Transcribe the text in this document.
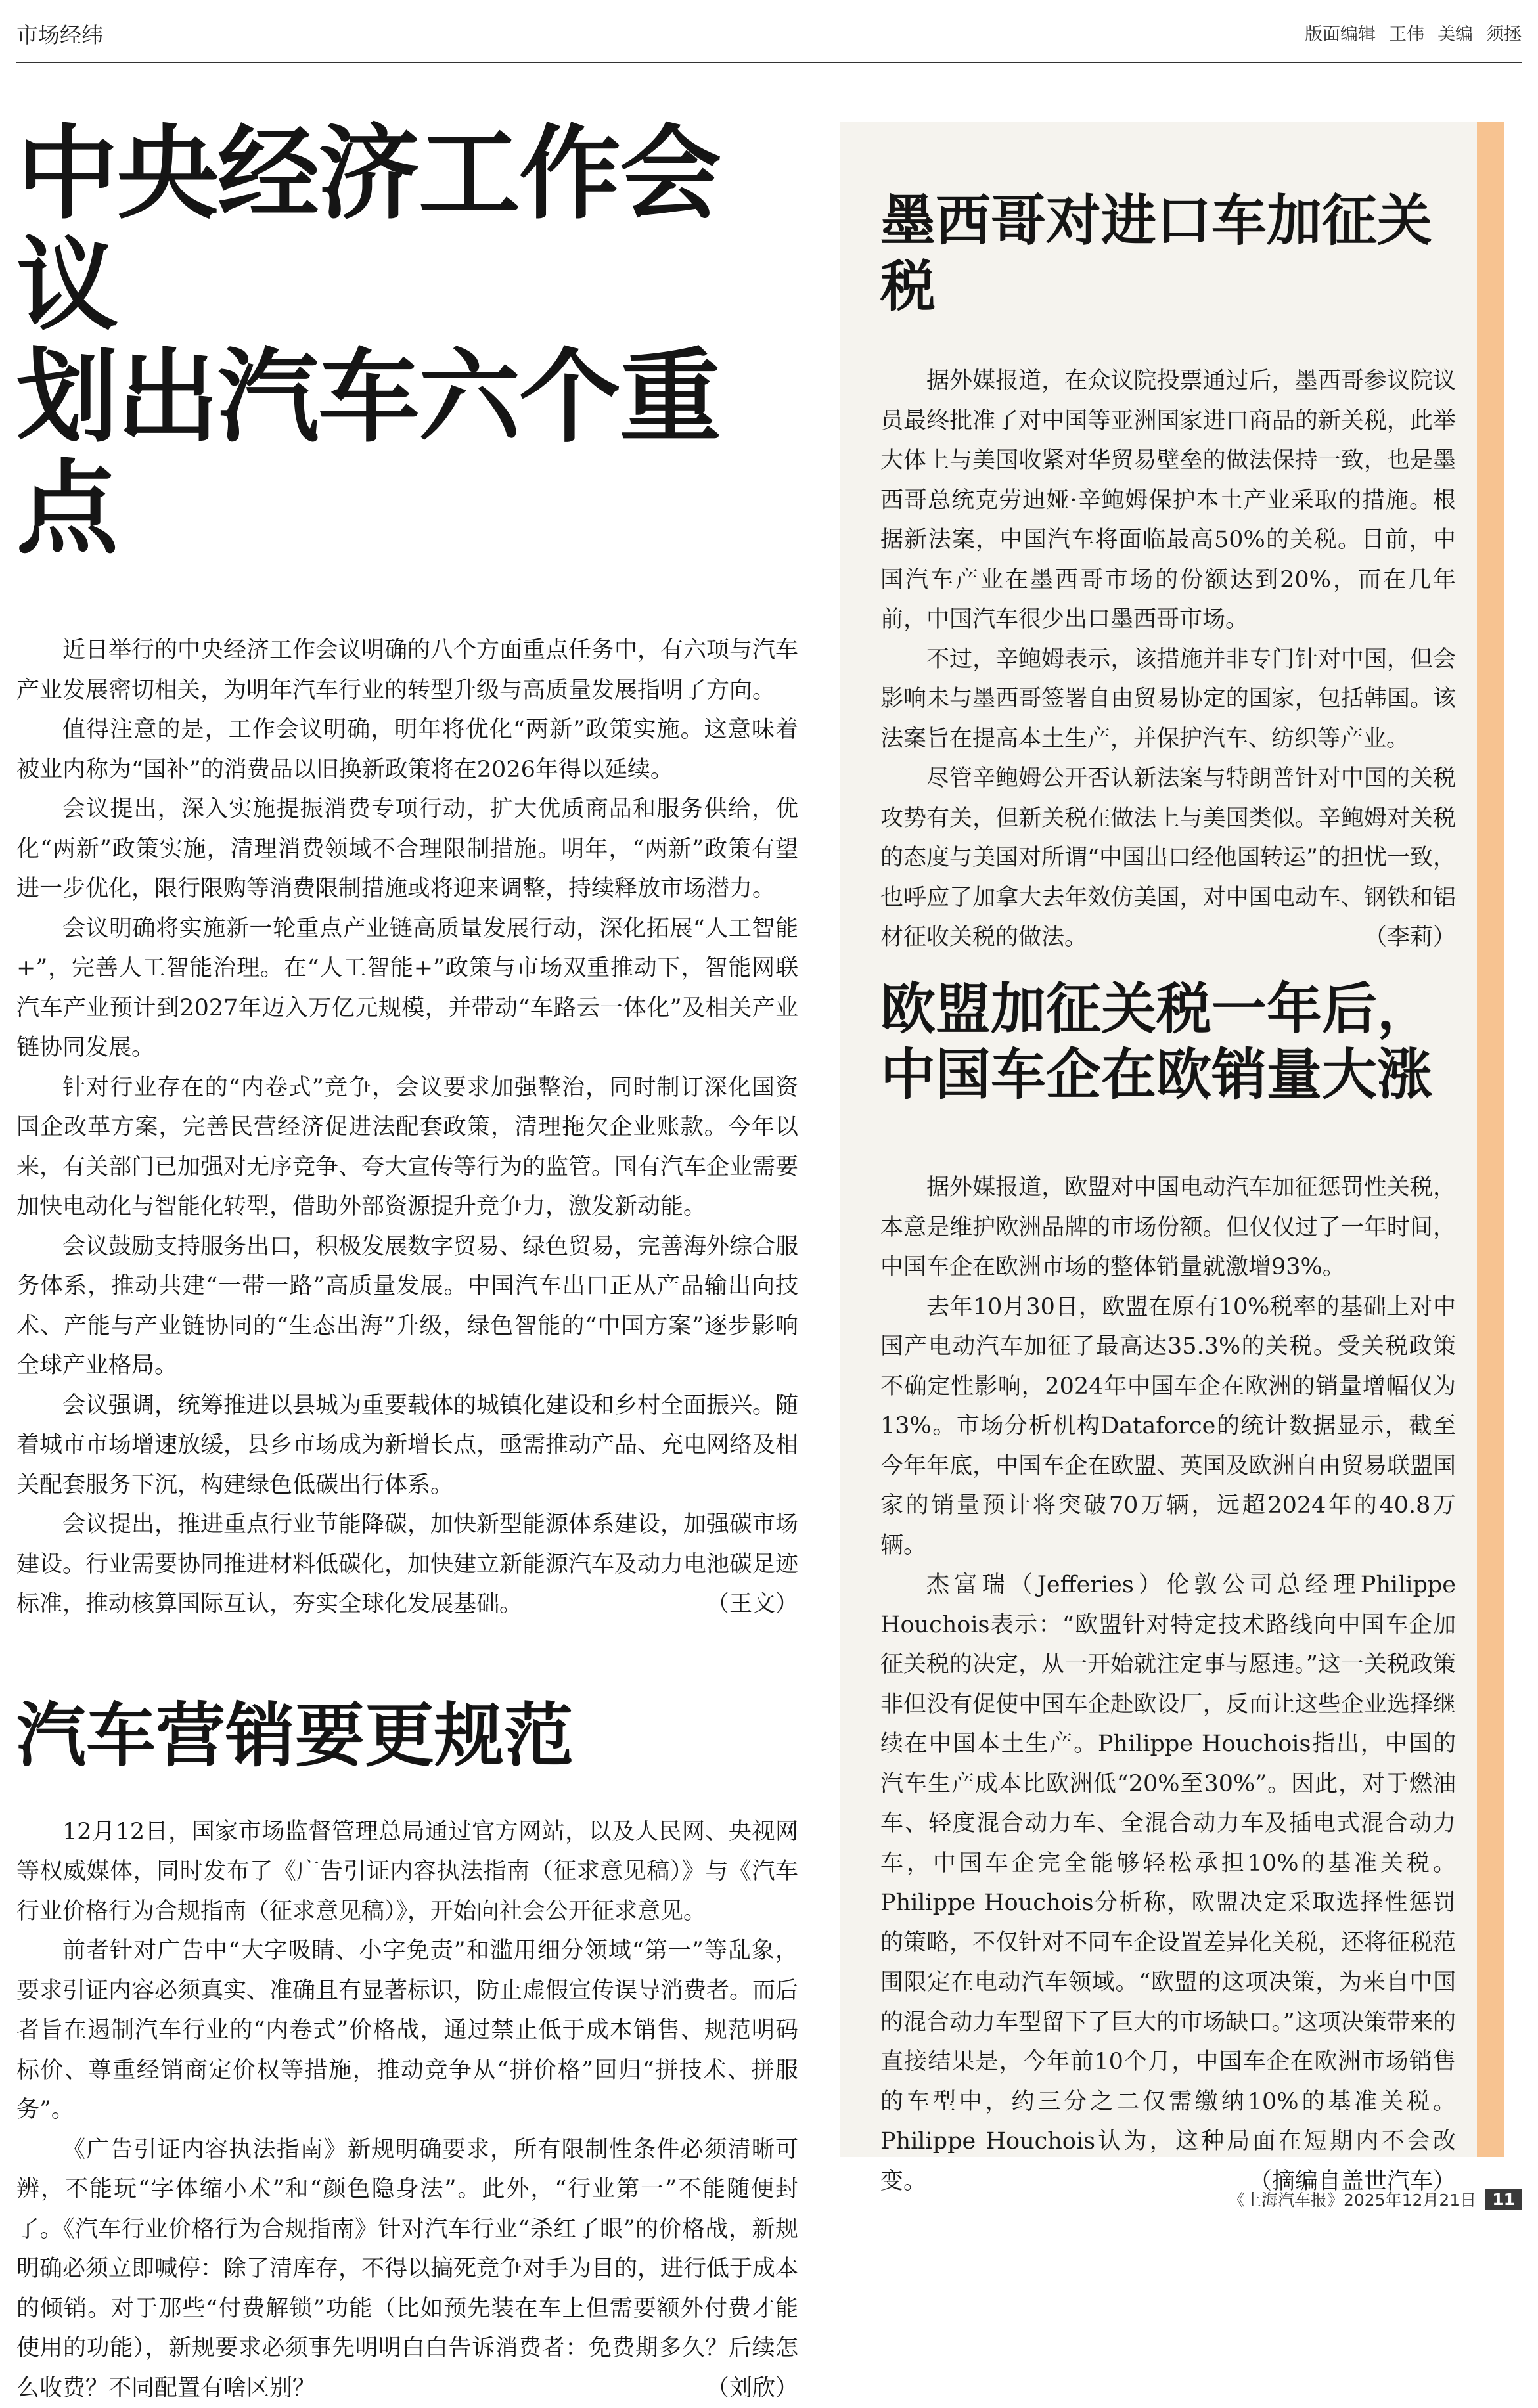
市场经纬	版面编辑 王伟 美编 须拯
中央经济工作会议
划出汽车六个重点

近日举行的中央经济工作会议明确的八个方面重点任务中，有六项与汽车产业发展密切相关，为明年汽车行业的转型升级与高质量发展指明了方向。

值得注意的是，工作会议明确，明年将优化“两新”政策实施。这意味着被业内称为“国补”的消费品以旧换新政策将在2026年得以延续。

会议提出，深入实施提振消费专项行动，扩大优质商品和服务供给，优化“两新”政策实施，清理消费领域不合理限制措施。明年，“两新”政策有望进一步优化，限行限购等消费限制措施或将迎来调整，持续释放市场潜力。

会议明确将实施新一轮重点产业链高质量发展行动，深化拓展“人工智能+”，完善人工智能治理。在“人工智能+”政策与市场双重推动下，智能网联汽车产业预计到2027年迈入万亿元规模，并带动“车路云一体化”及相关产业链协同发展。

针对行业存在的“内卷式”竞争，会议要求加强整治，同时制订深化国资国企改革方案，完善民营经济促进法配套政策，清理拖欠企业账款。今年以来，有关部门已加强对无序竞争、夸大宣传等行为的监管。国有汽车企业需要加快电动化与智能化转型，借助外部资源提升竞争力，激发新动能。

会议鼓励支持服务出口，积极发展数字贸易、绿色贸易，完善海外综合服务体系，推动共建“一带一路”高质量发展。中国汽车出口正从产品输出向技术、产能与产业链协同的“生态出海”升级，绿色智能的“中国方案”逐步影响全球产业格局。

会议强调，统筹推进以县城为重要载体的城镇化建设和乡村全面振兴。随着城市市场增速放缓，县乡市场成为新增长点，亟需推动产品、充电网络及相关配套服务下沉，构建绿色低碳出行体系。

会议提出，推进重点行业节能降碳，加快新型能源体系建设，加强碳市场建设。行业需要协同推进材料低碳化，加快建立新能源汽车及动力电池碳足迹标准，推动核算国际互认，夯实全球化发展基础。	（王文）

汽车营销要更规范

12月12日，国家市场监督管理总局通过官方网站，以及人民网、央视网等权威媒体，同时发布了《广告引证内容执法指南（征求意见稿）》与《汽车行业价格行为合规指南（征求意见稿）》，开始向社会公开征求意见。

前者针对广告中“大字吸睛、小字免责”和滥用细分领域“第一”等乱象，要求引证内容必须真实、准确且有显著标识，防止虚假宣传误导消费者。而后者旨在遏制汽车行业的“内卷式”价格战，通过禁止低于成本销售、规范明码标价、尊重经销商定价权等措施，推动竞争从“拼价格”回归“拼技术、拼服务”。

《广告引证内容执法指南》新规明确要求，所有限制性条件必须清晰可辨，不能玩“字体缩小术”和“颜色隐身法”。此外，“行业第一”不能随便封了。《汽车行业价格行为合规指南》针对汽车行业“杀红了眼”的价格战，新规明确必须立即喊停：除了清库存，不得以搞死竞争对手为目的，进行低于成本的倾销。对于那些“付费解锁”功能（比如预先装在车上但需要额外付费才能使用的功能），新规要求必须事先明明白白告诉消费者：免费期多久？后续怎么收费？不同配置有啥区别？	（刘欣）

墨西哥对进口车加征关税

据外媒报道，在众议院投票通过后，墨西哥参议院议员最终批准了对中国等亚洲国家进口商品的新关税，此举大体上与美国收紧对华贸易壁垒的做法保持一致，也是墨西哥总统克劳迪娅·辛鲍姆保护本土产业采取的措施。根据新法案，中国汽车将面临最高50%的关税。目前，中国汽车产业在墨西哥市场的份额达到20%，而在几年前，中国汽车很少出口墨西哥市场。

不过，辛鲍姆表示，该措施并非专门针对中国，但会影响未与墨西哥签署自由贸易协定的国家，包括韩国。该法案旨在提高本土生产，并保护汽车、纺织等产业。

尽管辛鲍姆公开否认新法案与特朗普针对中国的关税攻势有关，但新关税在做法上与美国类似。辛鲍姆对关税的态度与美国对所谓“中国出口经他国转运”的担忧一致，也呼应了加拿大去年效仿美国，对中国电动车、钢铁和铝材征收关税的做法。	（李莉）

欧盟加征关税一年后，
中国车企在欧销量大涨

据外媒报道，欧盟对中国电动汽车加征惩罚性关税，本意是维护欧洲品牌的市场份额。但仅仅过了一年时间，中国车企在欧洲市场的整体销量就激增93%。

去年10月30日，欧盟在原有10%税率的基础上对中国产电动汽车加征了最高达35.3%的关税。受关税政策不确定性影响，2024年中国车企在欧洲的销量增幅仅为13%。市场分析机构Dataforce的统计数据显示，截至今年年底，中国车企在欧盟、英国及欧洲自由贸易联盟国家的销量预计将突破70万辆，远超2024年的40.8万辆。

杰富瑞（Jefferies）伦敦公司总经理Philippe Houchois表示：“欧盟针对特定技术路线向中国车企加征关税的决定，从一开始就注定事与愿违。”这一关税政策非但没有促使中国车企赴欧设厂，反而让这些企业选择继续在中国本土生产。Philippe Houchois指出，中国的汽车生产成本比欧洲低“20%至30%”。因此，对于燃油车、轻度混合动力车、全混合动力车及插电式混合动力车，中国车企完全能够轻松承担10%的基准关税。Philippe Houchois分析称，欧盟决定采取选择性惩罚的策略，不仅针对不同车企设置差异化关税，还将征税范围限定在电动汽车领域。“欧盟的这项决策，为来自中国的混合动力车型留下了巨大的市场缺口。”这项决策带来的直接结果是，今年前10个月，中国车企在欧洲市场销售的车型中，约三分之二仅需缴纳10%的基准关税。Philippe Houchois认为，这种局面在短期内不会改变。	（摘编自盖世汽车）

《上海汽车报》2025年12月21日 11
